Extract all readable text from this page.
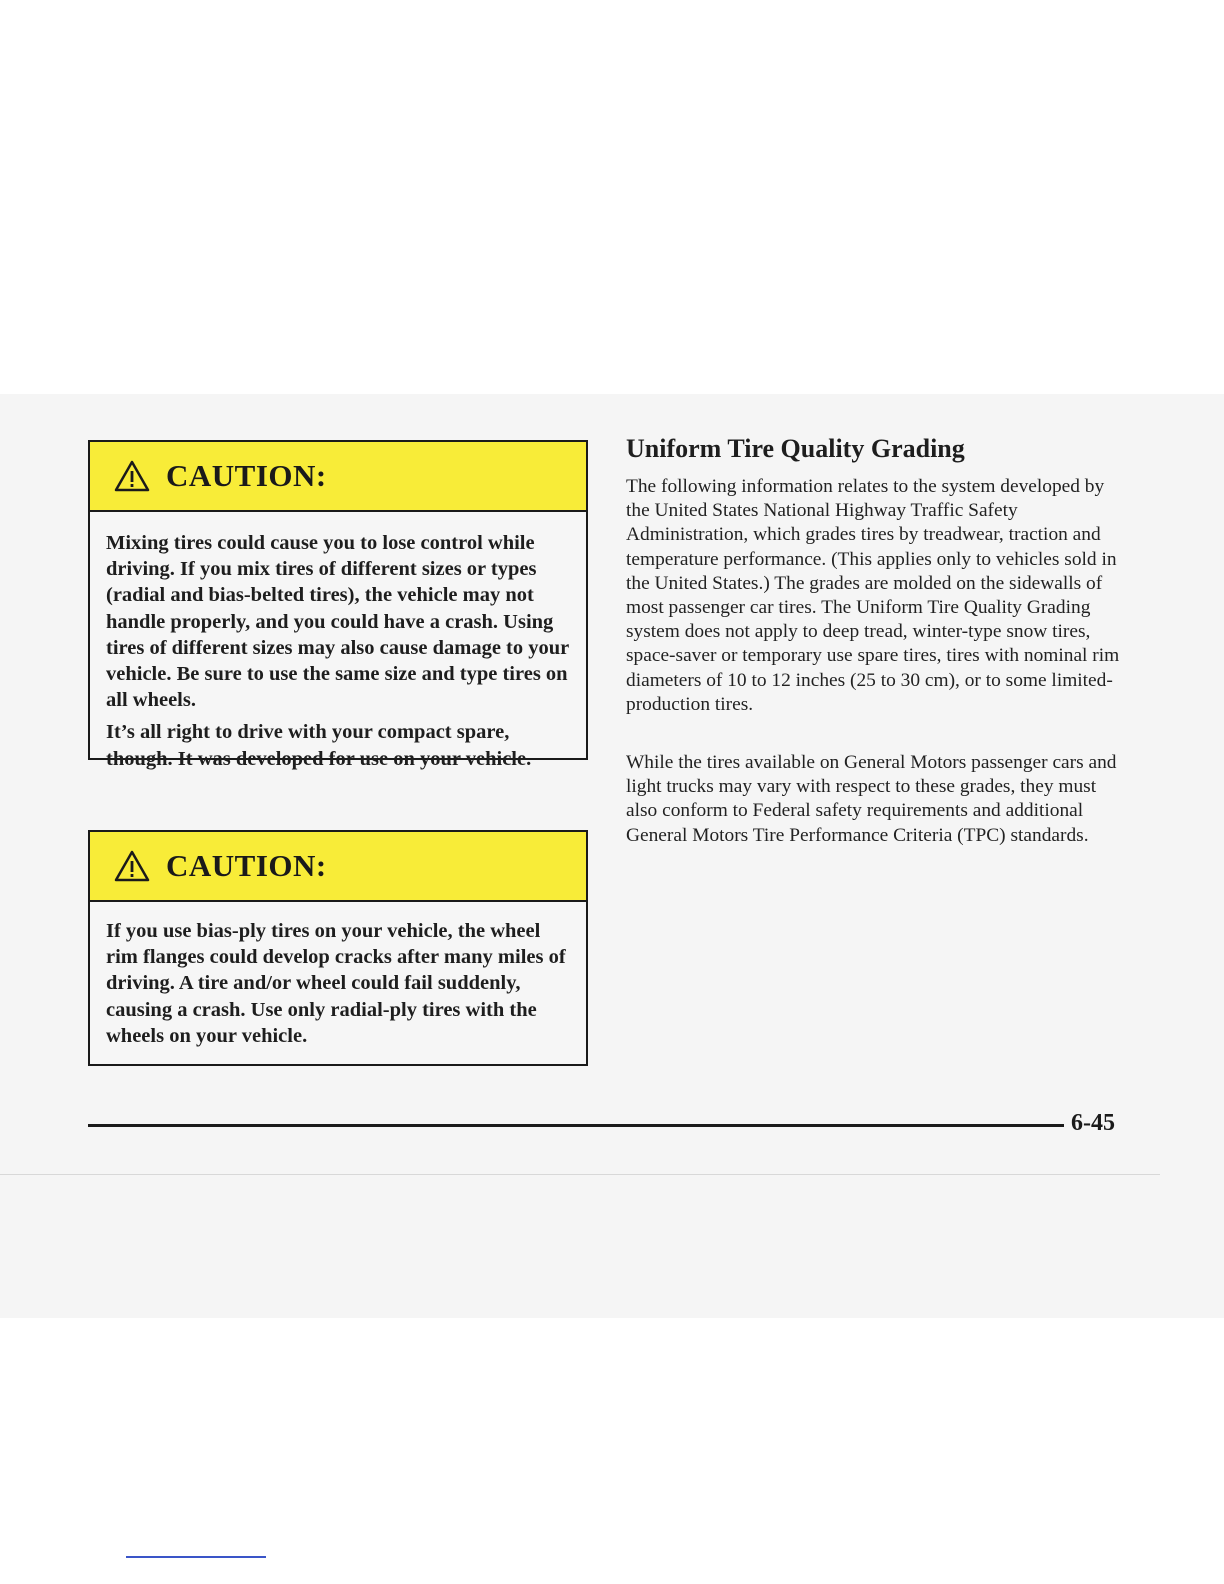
CAUTION:

Mixing tires could cause you to lose control while driving. If you mix tires of different sizes or types (radial and bias-belted tires), the vehicle may not handle properly, and you could have a crash. Using tires of different sizes may also cause damage to your vehicle. Be sure to use the same size and type tires on all wheels.

It’s all right to drive with your compact spare, though. It was developed for use on your vehicle.

CAUTION:

If you use bias-ply tires on your vehicle, the wheel rim flanges could develop cracks after many miles of driving. A tire and/or wheel could fail suddenly, causing a crash. Use only radial-ply tires with the wheels on your vehicle.

Uniform Tire Quality Grading

The following information relates to the system developed by the United States National Highway Traffic Safety Administration, which grades tires by treadwear, traction and temperature performance. (This applies only to vehicles sold in the United States.) The grades are molded on the sidewalls of most passenger car tires. The Uniform Tire Quality Grading system does not apply to deep tread, winter-type snow tires, space-saver or temporary use spare tires, tires with nominal rim diameters of 10 to 12 inches (25 to 30 cm), or to some limited-production tires.

While the tires available on General Motors passenger cars and light trucks may vary with respect to these grades, they must also conform to Federal safety requirements and additional General Motors Tire Performance Criteria (TPC) standards.

6-45
